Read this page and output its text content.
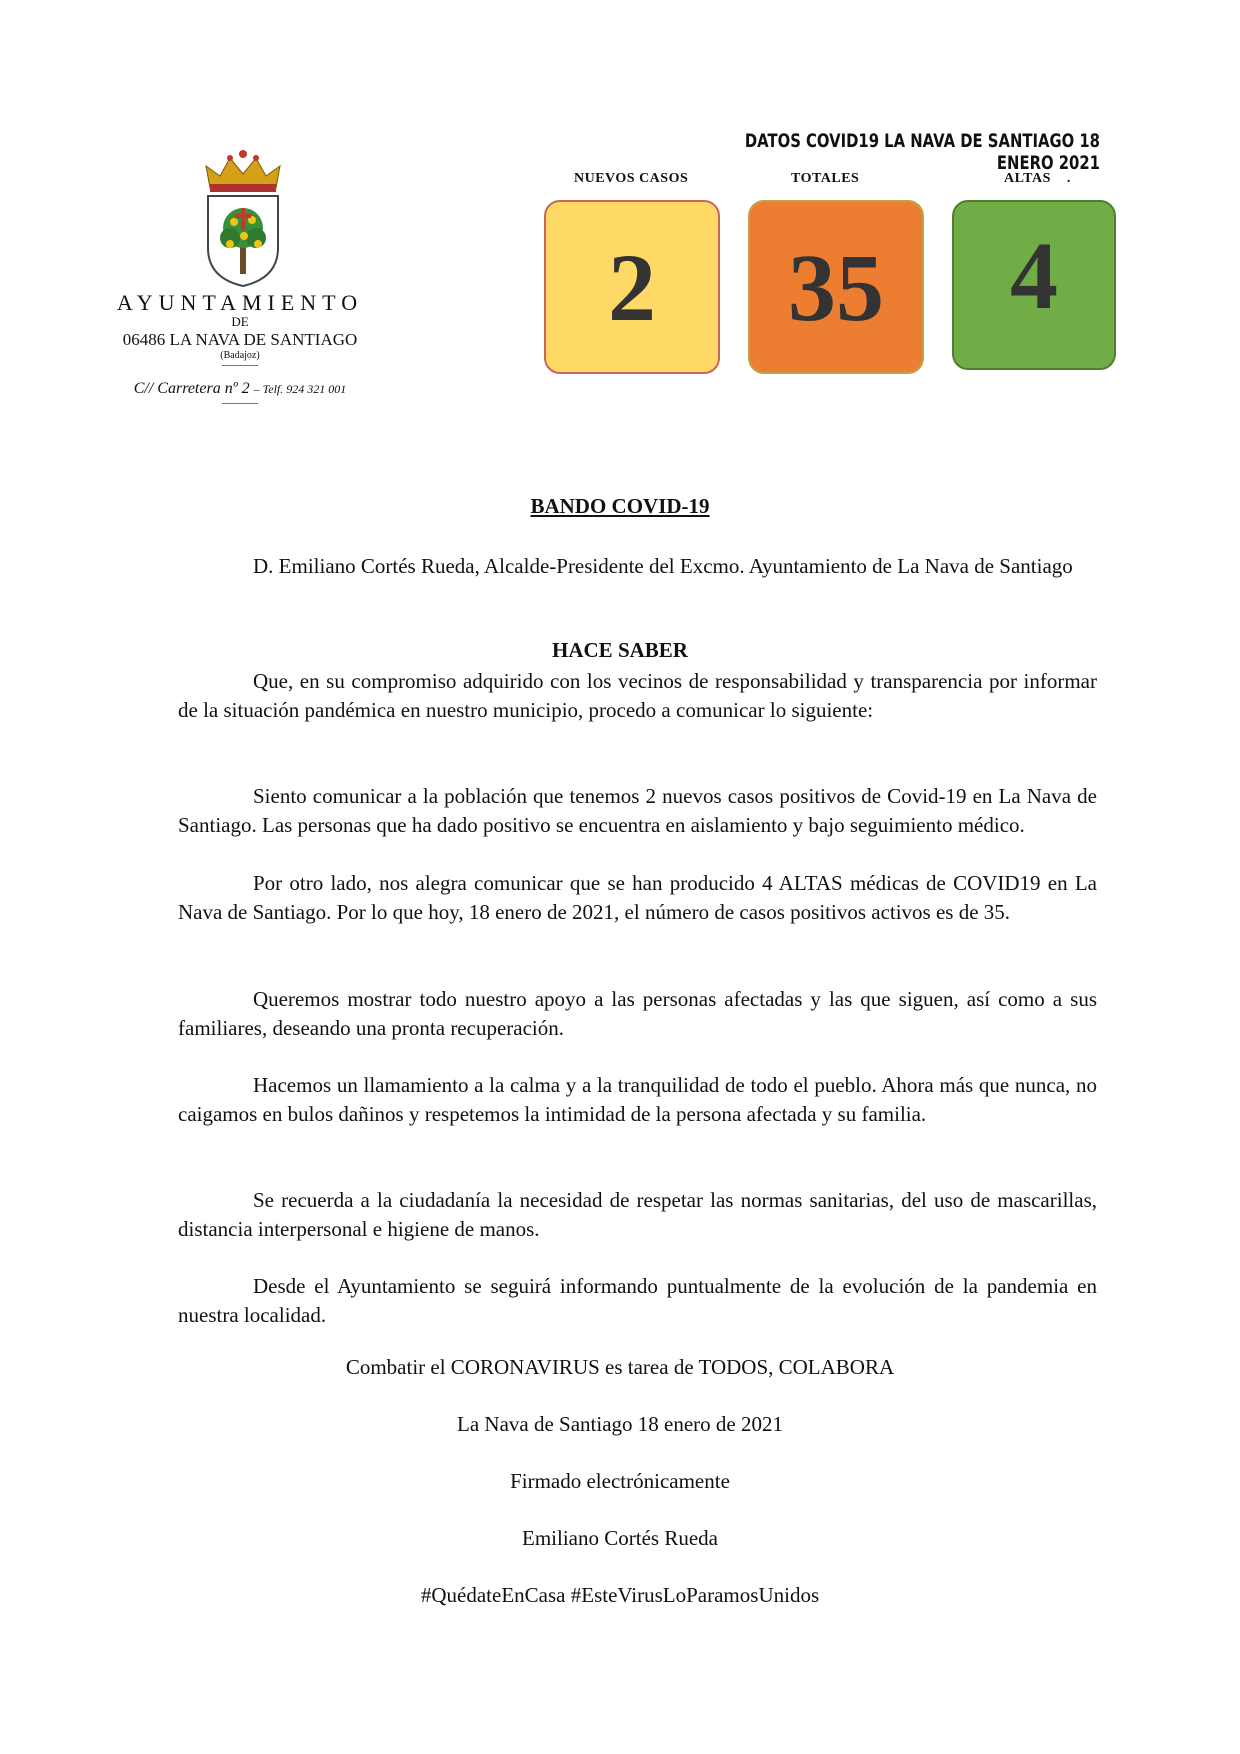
AYUNTAMIENTO
DE
06486 LA NAVA DE SANTIAGO
(Badajoz)
C// Carretera nº 2 – Telf. 924 321 001
DATOS COVID19 LA NAVA DE SANTIAGO 18 ENERO 2021
NUEVOS CASOS	TOTALES	ALTAS    .
2 35 4
BANDO COVID-19
D. Emiliano Cortés Rueda, Alcalde-Presidente del Excmo. Ayuntamiento de La Nava de Santiago
HACE SABER
Que, en su compromiso adquirido con los vecinos de responsabilidad y transparencia por informar de la situación pandémica en nuestro municipio, procedo a comunicar lo siguiente:
Siento comunicar a la población que tenemos 2 nuevos casos positivos de Covid-19 en La Nava de Santiago. Las personas que ha dado positivo se encuentra en aislamiento y bajo seguimiento médico.
Por otro lado, nos alegra comunicar que se han producido 4 ALTAS médicas de COVID19 en La Nava de Santiago. Por lo que hoy, 18 enero de 2021, el número de casos positivos activos es de 35.
Queremos mostrar todo nuestro apoyo a las personas afectadas y las que siguen, así como a sus familiares, deseando una pronta recuperación.
Hacemos un llamamiento a la calma y a la tranquilidad de todo el pueblo. Ahora más que nunca, no caigamos en bulos dañinos y respetemos la intimidad de la persona afectada y su familia.
Se recuerda a la ciudadanía la necesidad de respetar las normas sanitarias, del uso de mascarillas, distancia interpersonal e higiene de manos.
Desde el Ayuntamiento se seguirá informando puntualmente de la evolución de la pandemia en nuestra localidad.
Combatir el CORONAVIRUS es tarea de TODOS, COLABORA
La Nava de Santiago 18 enero de 2021
Firmado electrónicamente
Emiliano Cortés Rueda
#QuédateEnCasa #EsteVirusLoParamosUnidos
